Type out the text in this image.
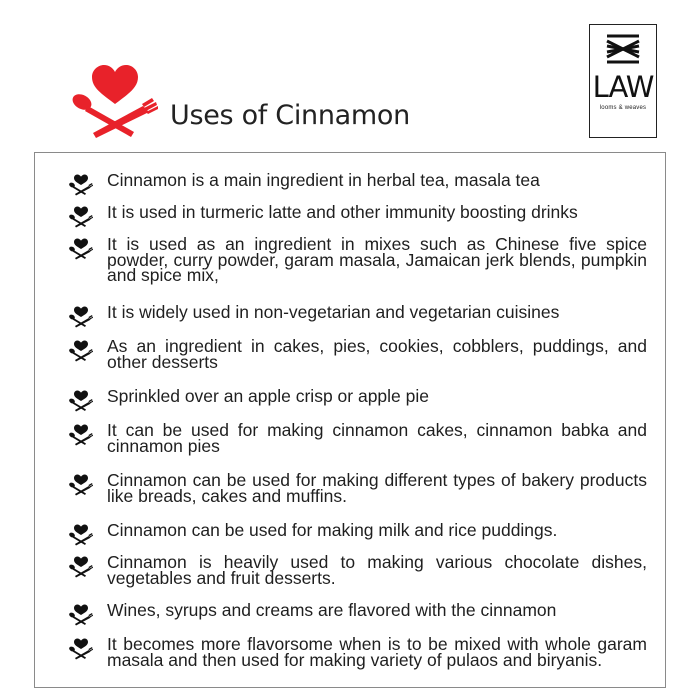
Uses of Cinnamon
LAW
looms & weaves
Cinnamon is a main ingredient in herbal tea, masala tea
It is used in turmeric latte and other immunity boosting drinks
It is used as an ingredient in mixes such as Chinese five spice powder, curry powder, garam masala, Jamaican jerk blends, pumpkin and spice mix,
It is widely used in non-vegetarian and vegetarian cuisines
As an ingredient in cakes, pies, cookies, cobblers, puddings, and other desserts
Sprinkled over an apple crisp or apple pie
It can be used for making cinnamon cakes, cinnamon babka and cinnamon pies
Cinnamon can be used for making different types of bakery products like breads, cakes and muffins.
Cinnamon can be used for making milk and rice puddings.
Cinnamon is heavily used to making various chocolate dishes, vegetables and fruit desserts.
Wines, syrups and creams are flavored with the cinnamon
It becomes more flavorsome when is to be mixed with whole garam masala and then used for making variety of pulaos and biryanis.
